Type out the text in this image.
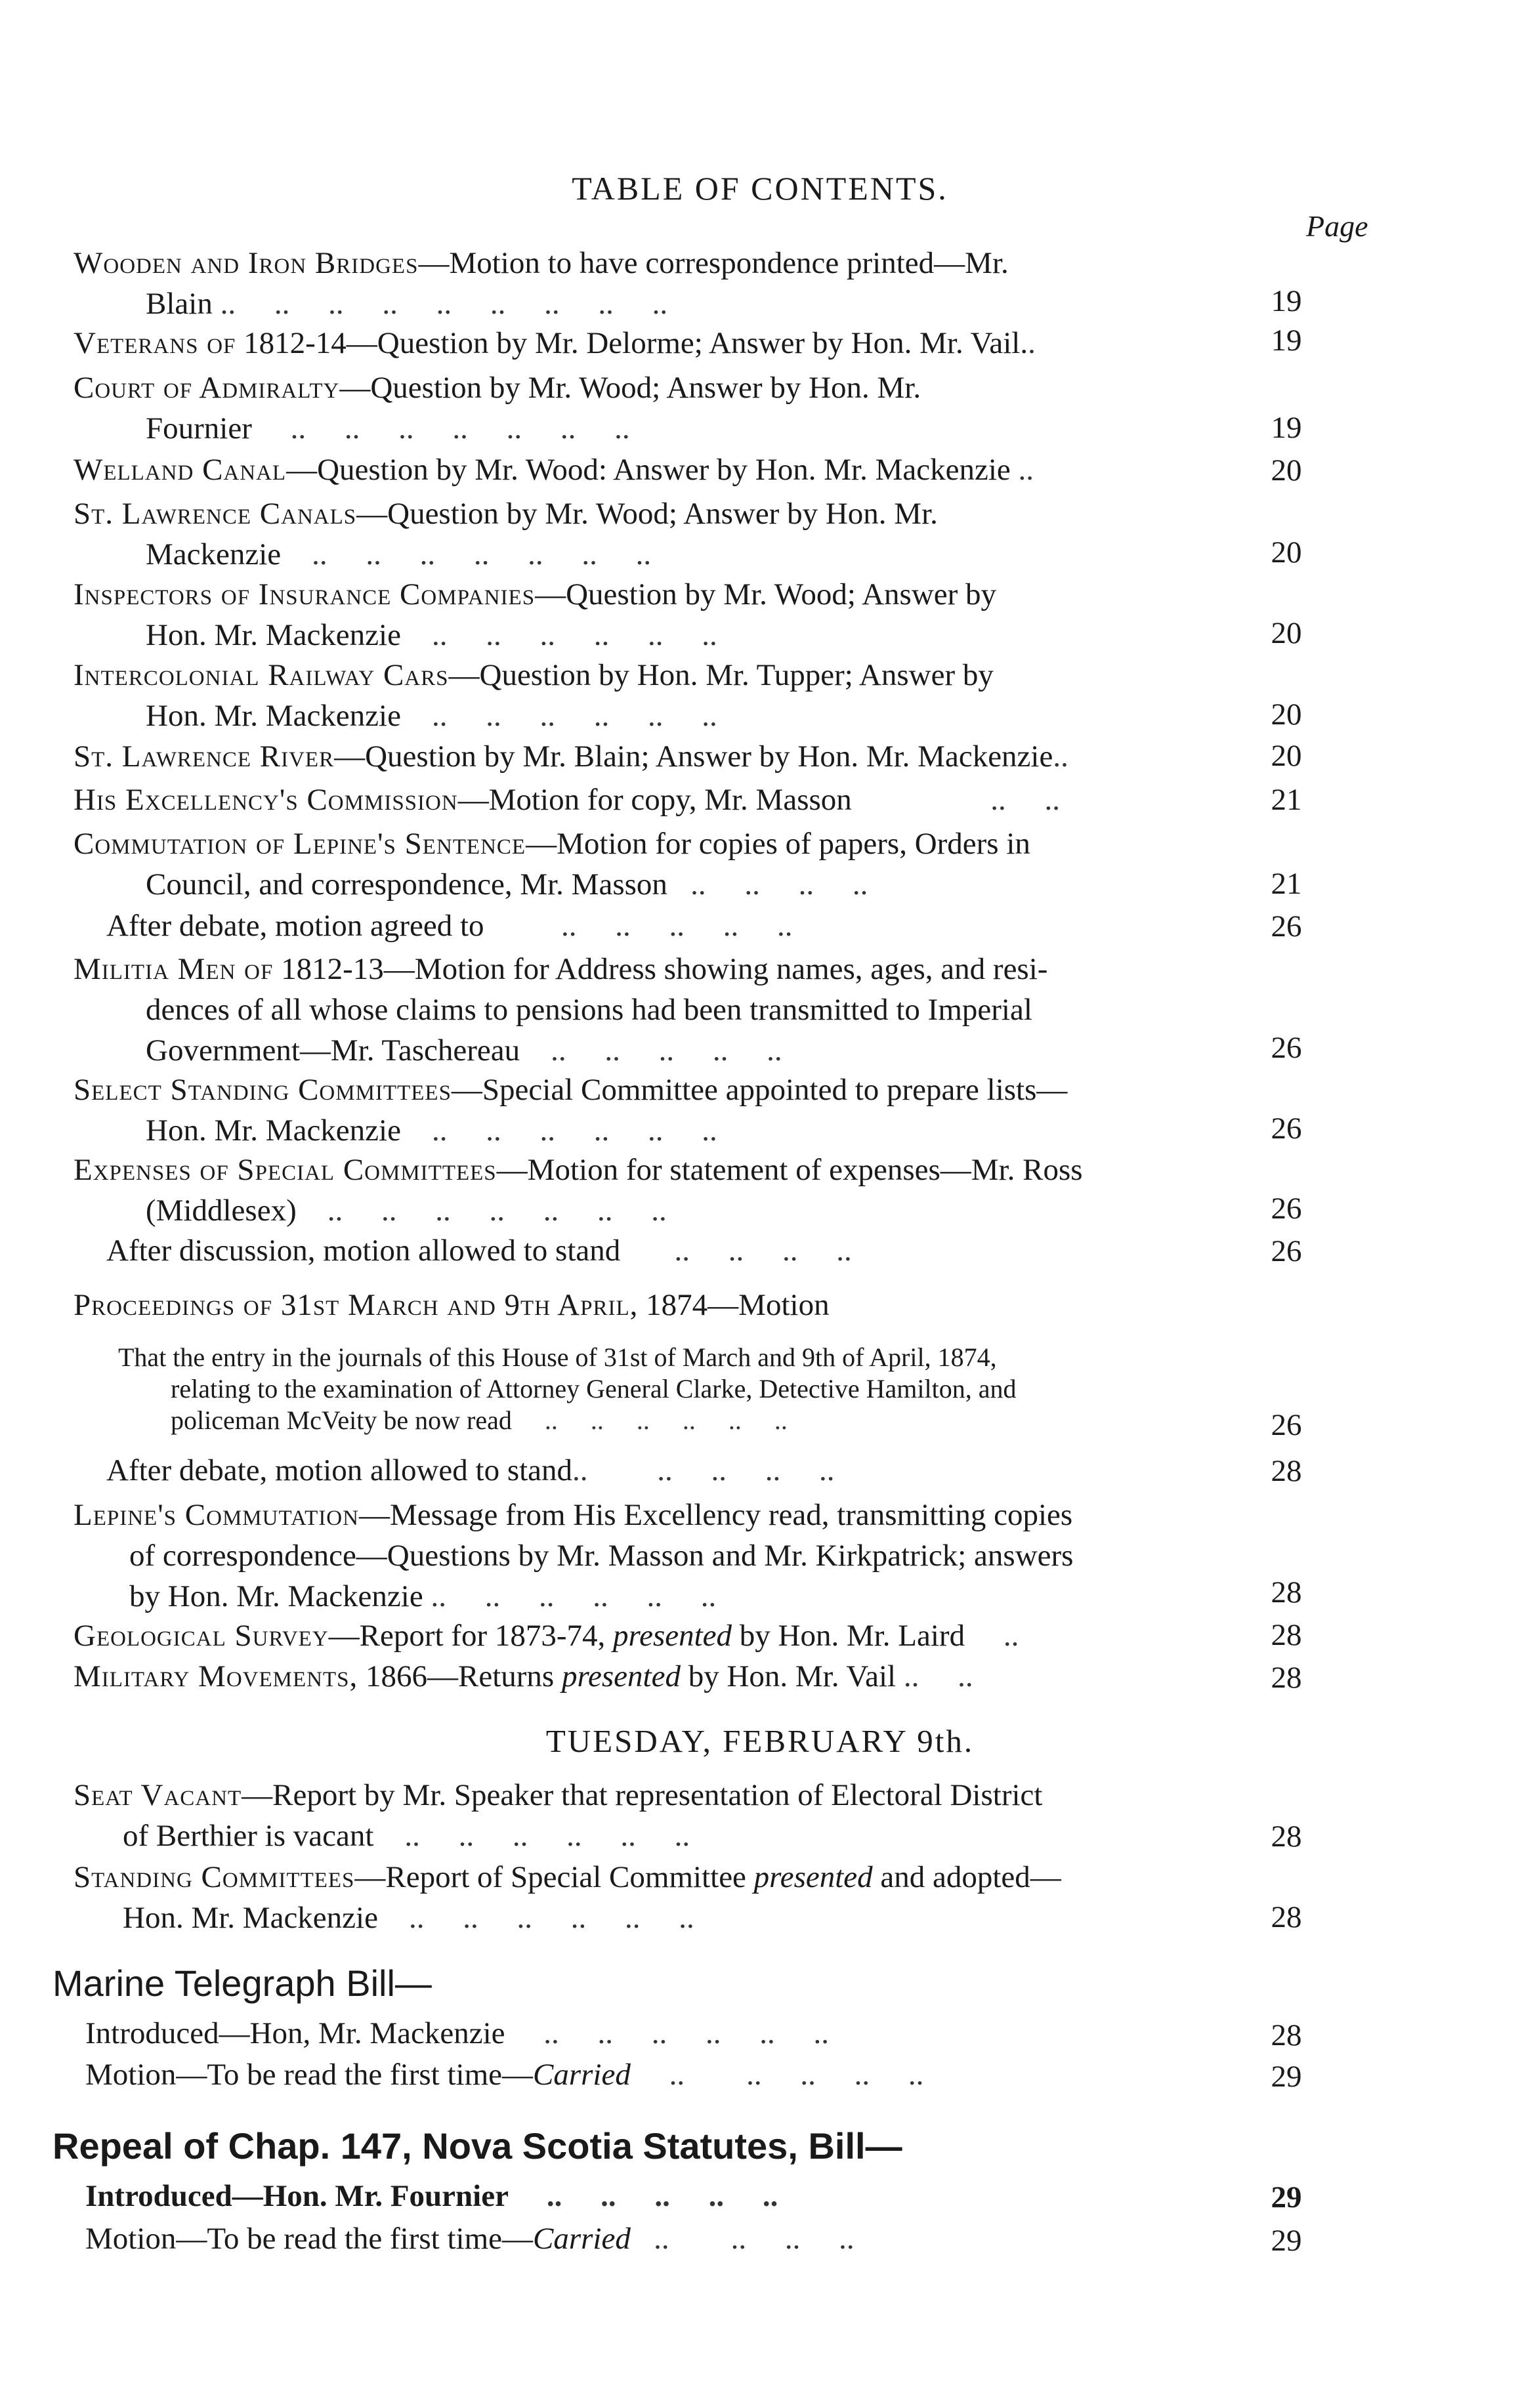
TABLE OF CONTENTS.
Page
Wooden and Iron Bridges—Motion to have correspondence printed—Mr.
Blain ..     ..     ..     ..     ..     ..     ..     ..     ..	19
Veterans of 1812-14—Question by Mr. Delorme; Answer by Hon. Mr. Vail..	19
Court of Admiralty—Question by Mr. Wood; Answer by Hon. Mr.
Fournier     ..     ..     ..     ..     ..     ..     ..	19
Welland Canal—Question by Mr. Wood: Answer by Hon. Mr. Mackenzie ..	20
St. Lawrence Canals—Question by Mr. Wood; Answer by Hon. Mr.
Mackenzie    ..     ..     ..     ..     ..     ..     ..	20
Inspectors of Insurance Companies—Question by Mr. Wood; Answer by
Hon. Mr. Mackenzie    ..     ..     ..     ..     ..     ..	20
Intercolonial Railway Cars—Question by Hon. Mr. Tupper; Answer by
Hon. Mr. Mackenzie    ..     ..     ..     ..     ..     ..	20
St. Lawrence River—Question by Mr. Blain; Answer by Hon. Mr. Mackenzie..	20
His Excellency's Commission—Motion for copy, Mr. Masson                  ..     ..	21
Commutation of Lepine's Sentence—Motion for copies of papers, Orders in
Council, and correspondence, Mr. Masson   ..     ..     ..     ..	21
After debate, motion agreed to          ..     ..     ..     ..     ..	26
Militia Men of 1812-13—Motion for Address showing names, ages, and resi-
dences of all whose claims to pensions had been transmitted to Imperial
Government—Mr. Taschereau    ..     ..     ..     ..     ..	26
Select Standing Committees—Special Committee appointed to prepare lists—
Hon. Mr. Mackenzie    ..     ..     ..     ..     ..     ..	26
Expenses of Special Committees—Motion for statement of expenses—Mr. Ross
(Middlesex)    ..     ..     ..     ..     ..     ..     ..	26
After discussion, motion allowed to stand       ..     ..     ..     ..	26
Proceedings of 31st March and 9th April, 1874—Motion
That the entry in the journals of this House of 31st of March and 9th of April, 1874,
relating to the examination of Attorney General Clarke, Detective Hamilton, and
policeman McVeity be now read     ..     ..     ..     ..     ..     ..	26
After debate, motion allowed to stand..         ..     ..     ..     ..	28
Lepine's Commutation—Message from His Excellency read, transmitting copies
of correspondence—Questions by Mr. Masson and Mr. Kirkpatrick; answers
by Hon. Mr. Mackenzie ..     ..     ..     ..     ..     ..	28
Geological Survey—Report for 1873-74, presented by Hon. Mr. Laird     ..	28
Military Movements, 1866—Returns presented by Hon. Mr. Vail ..     ..	28
TUESDAY, FEBRUARY 9th.
Seat Vacant—Report by Mr. Speaker that representation of Electoral District
of Berthier is vacant    ..     ..     ..     ..     ..     ..	28
Standing Committees—Report of Special Committee presented and adopted—
Hon. Mr. Mackenzie    ..     ..     ..     ..     ..     ..	28
Marine Telegraph Bill—
Introduced—Hon, Mr. Mackenzie     ..     ..     ..     ..     ..     ..	28
Motion—To be read the first time—Carried     ..        ..     ..     ..     ..	29
Repeal of Chap. 147, Nova Scotia Statutes, Bill—
Introduced—Hon. Mr. Fournier     ..     ..     ..     ..     ..	29
Motion—To be read the first time—Carried   ..        ..     ..     ..	29
